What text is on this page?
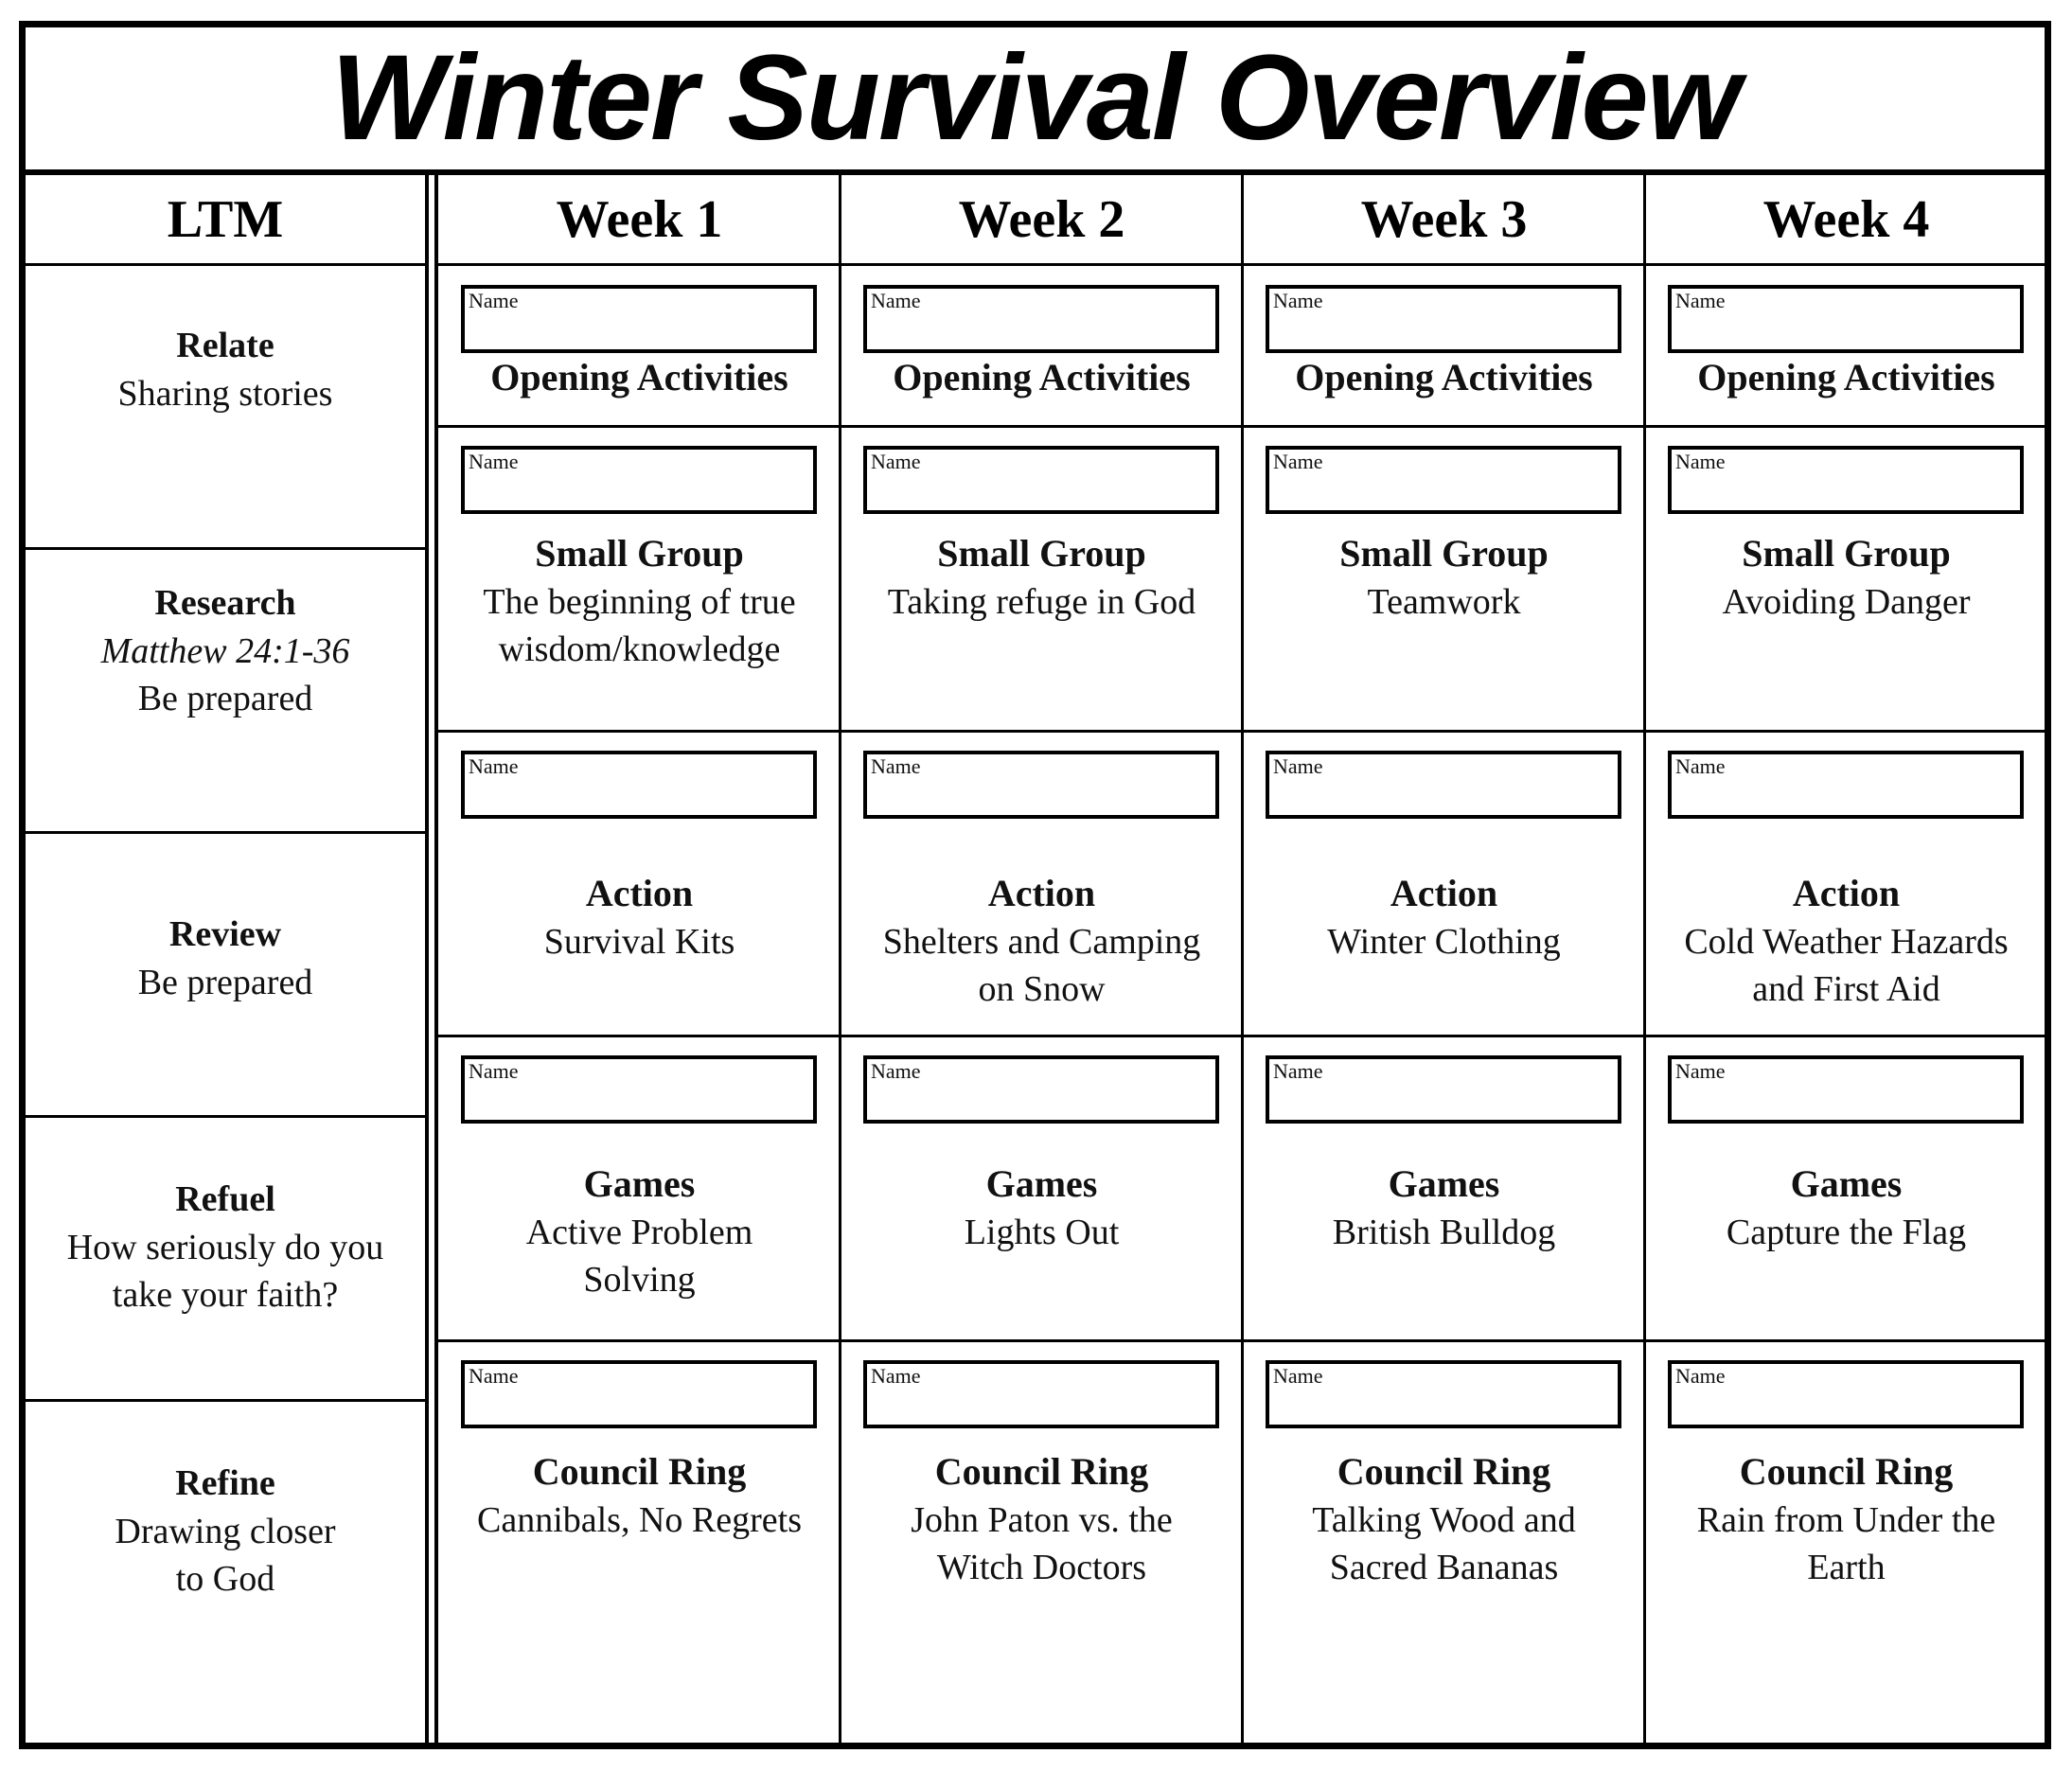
Winter Survival Overview
LTM
Relate
Sharing stories
Research
Matthew 24:1-36
Be prepared
Review
Be prepared
Refuel
How seriously do you
take your faith?
Refine
Drawing closer
to God
Week 1
Name
Opening Activities
Name
Small Group
The beginning of true
wisdom/knowledge
Name
Action
Survival Kits
Name
Games
Active Problem
Solving
Name
Council Ring
Cannibals, No Regrets
Week 2
Name
Opening Activities
Name
Small Group
Taking refuge in God
Name
Action
Shelters and Camping
on Snow
Name
Games
Lights Out
Name
Council Ring
John Paton vs. the
Witch Doctors
Week 3
Name
Opening Activities
Name
Small Group
Teamwork
Name
Action
Winter Clothing
Name
Games
British Bulldog
Name
Council Ring
Talking Wood and
Sacred Bananas
Week 4
Name
Opening Activities
Name
Small Group
Avoiding Danger
Name
Action
Cold Weather Hazards
and First Aid
Name
Games
Capture the Flag
Name
Council Ring
Rain from Under the
Earth
